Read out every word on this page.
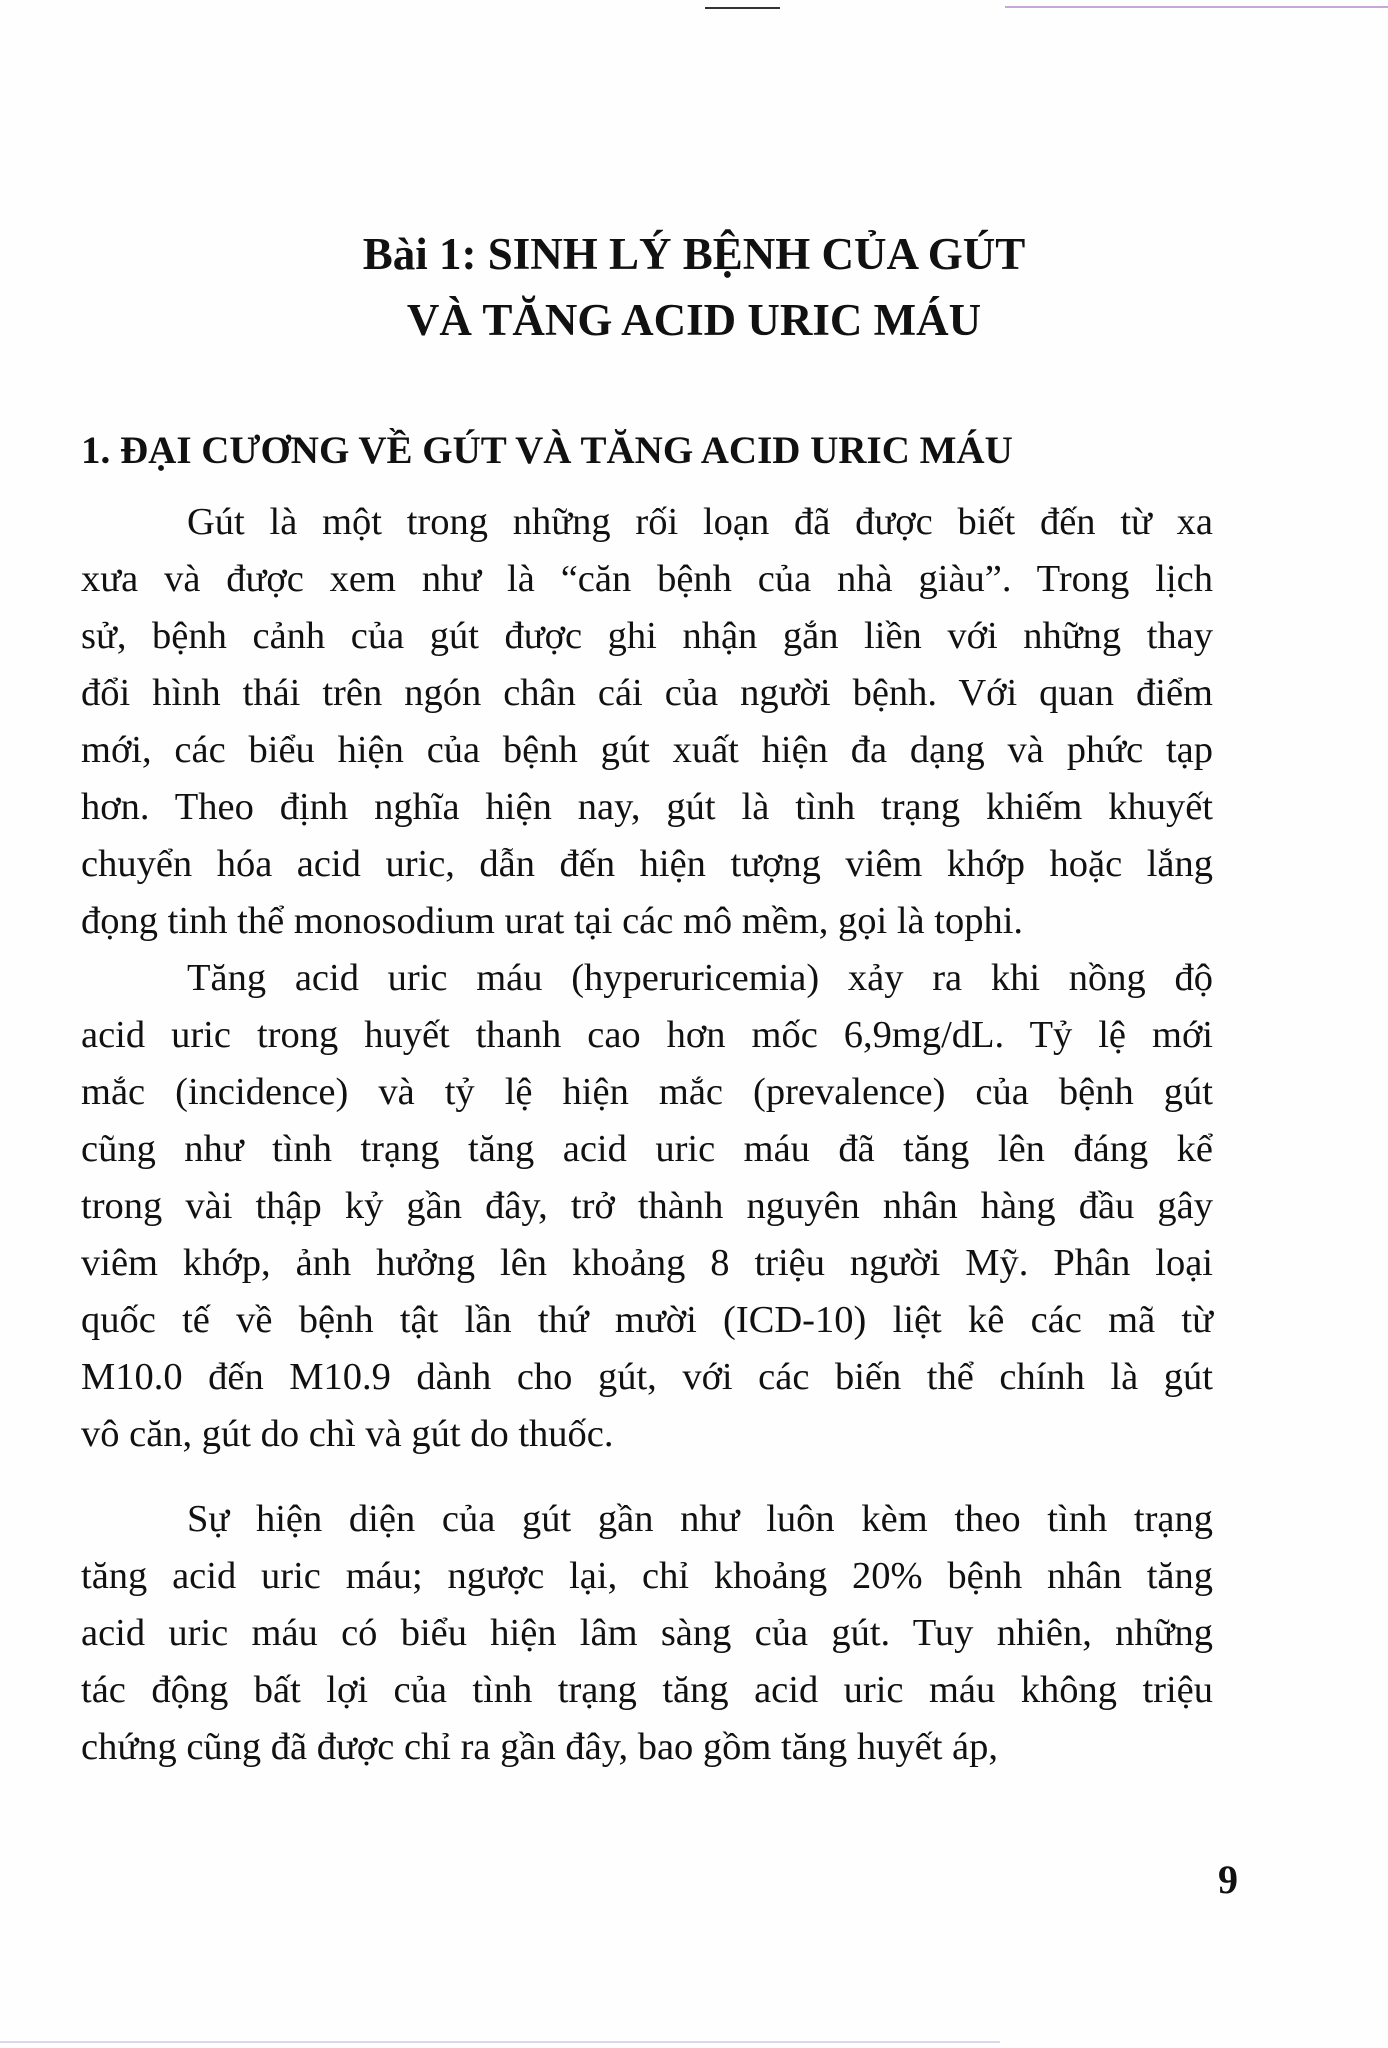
Bài 1: SINH LÝ BỆNH CỦA GÚT
VÀ TĂNG ACID URIC MÁU
1. ĐẠI CƯƠNG VỀ GÚT VÀ TĂNG ACID URIC MÁU
Gút là một trong những rối loạn đã được biết đến từ xa
xưa và được xem như là “căn bệnh của nhà giàu”. Trong lịch
sử, bệnh cảnh của gút được ghi nhận gắn liền với những thay
đổi hình thái trên ngón chân cái của người bệnh. Với quan điểm
mới, các biểu hiện của bệnh gút xuất hiện đa dạng và phức tạp
hơn. Theo định nghĩa hiện nay, gút là tình trạng khiếm khuyết
chuyển hóa acid uric, dẫn đến hiện tượng viêm khớp hoặc lắng
đọng tinh thể monosodium urat tại các mô mềm, gọi là tophi.
Tăng acid uric máu (hyperuricemia) xảy ra khi nồng độ
acid uric trong huyết thanh cao hơn mốc 6,9mg/dL. Tỷ lệ mới
mắc (incidence) và tỷ lệ hiện mắc (prevalence) của bệnh gút
cũng như tình trạng tăng acid uric máu đã tăng lên đáng kể
trong vài thập kỷ gần đây, trở thành nguyên nhân hàng đầu gây
viêm khớp, ảnh hưởng lên khoảng 8 triệu người Mỹ. Phân loại
quốc tế về bệnh tật lần thứ mười (ICD-10) liệt kê các mã từ
M10.0 đến M10.9 dành cho gút, với các biến thể chính là gút
vô căn, gút do chì và gút do thuốc.
Sự hiện diện của gút gần như luôn kèm theo tình trạng
tăng acid uric máu; ngược lại, chỉ khoảng 20% bệnh nhân tăng
acid uric máu có biểu hiện lâm sàng của gút. Tuy nhiên, những
tác động bất lợi của tình trạng tăng acid uric máu không triệu
chứng cũng đã được chỉ ra gần đây, bao gồm tăng huyết áp,
9
